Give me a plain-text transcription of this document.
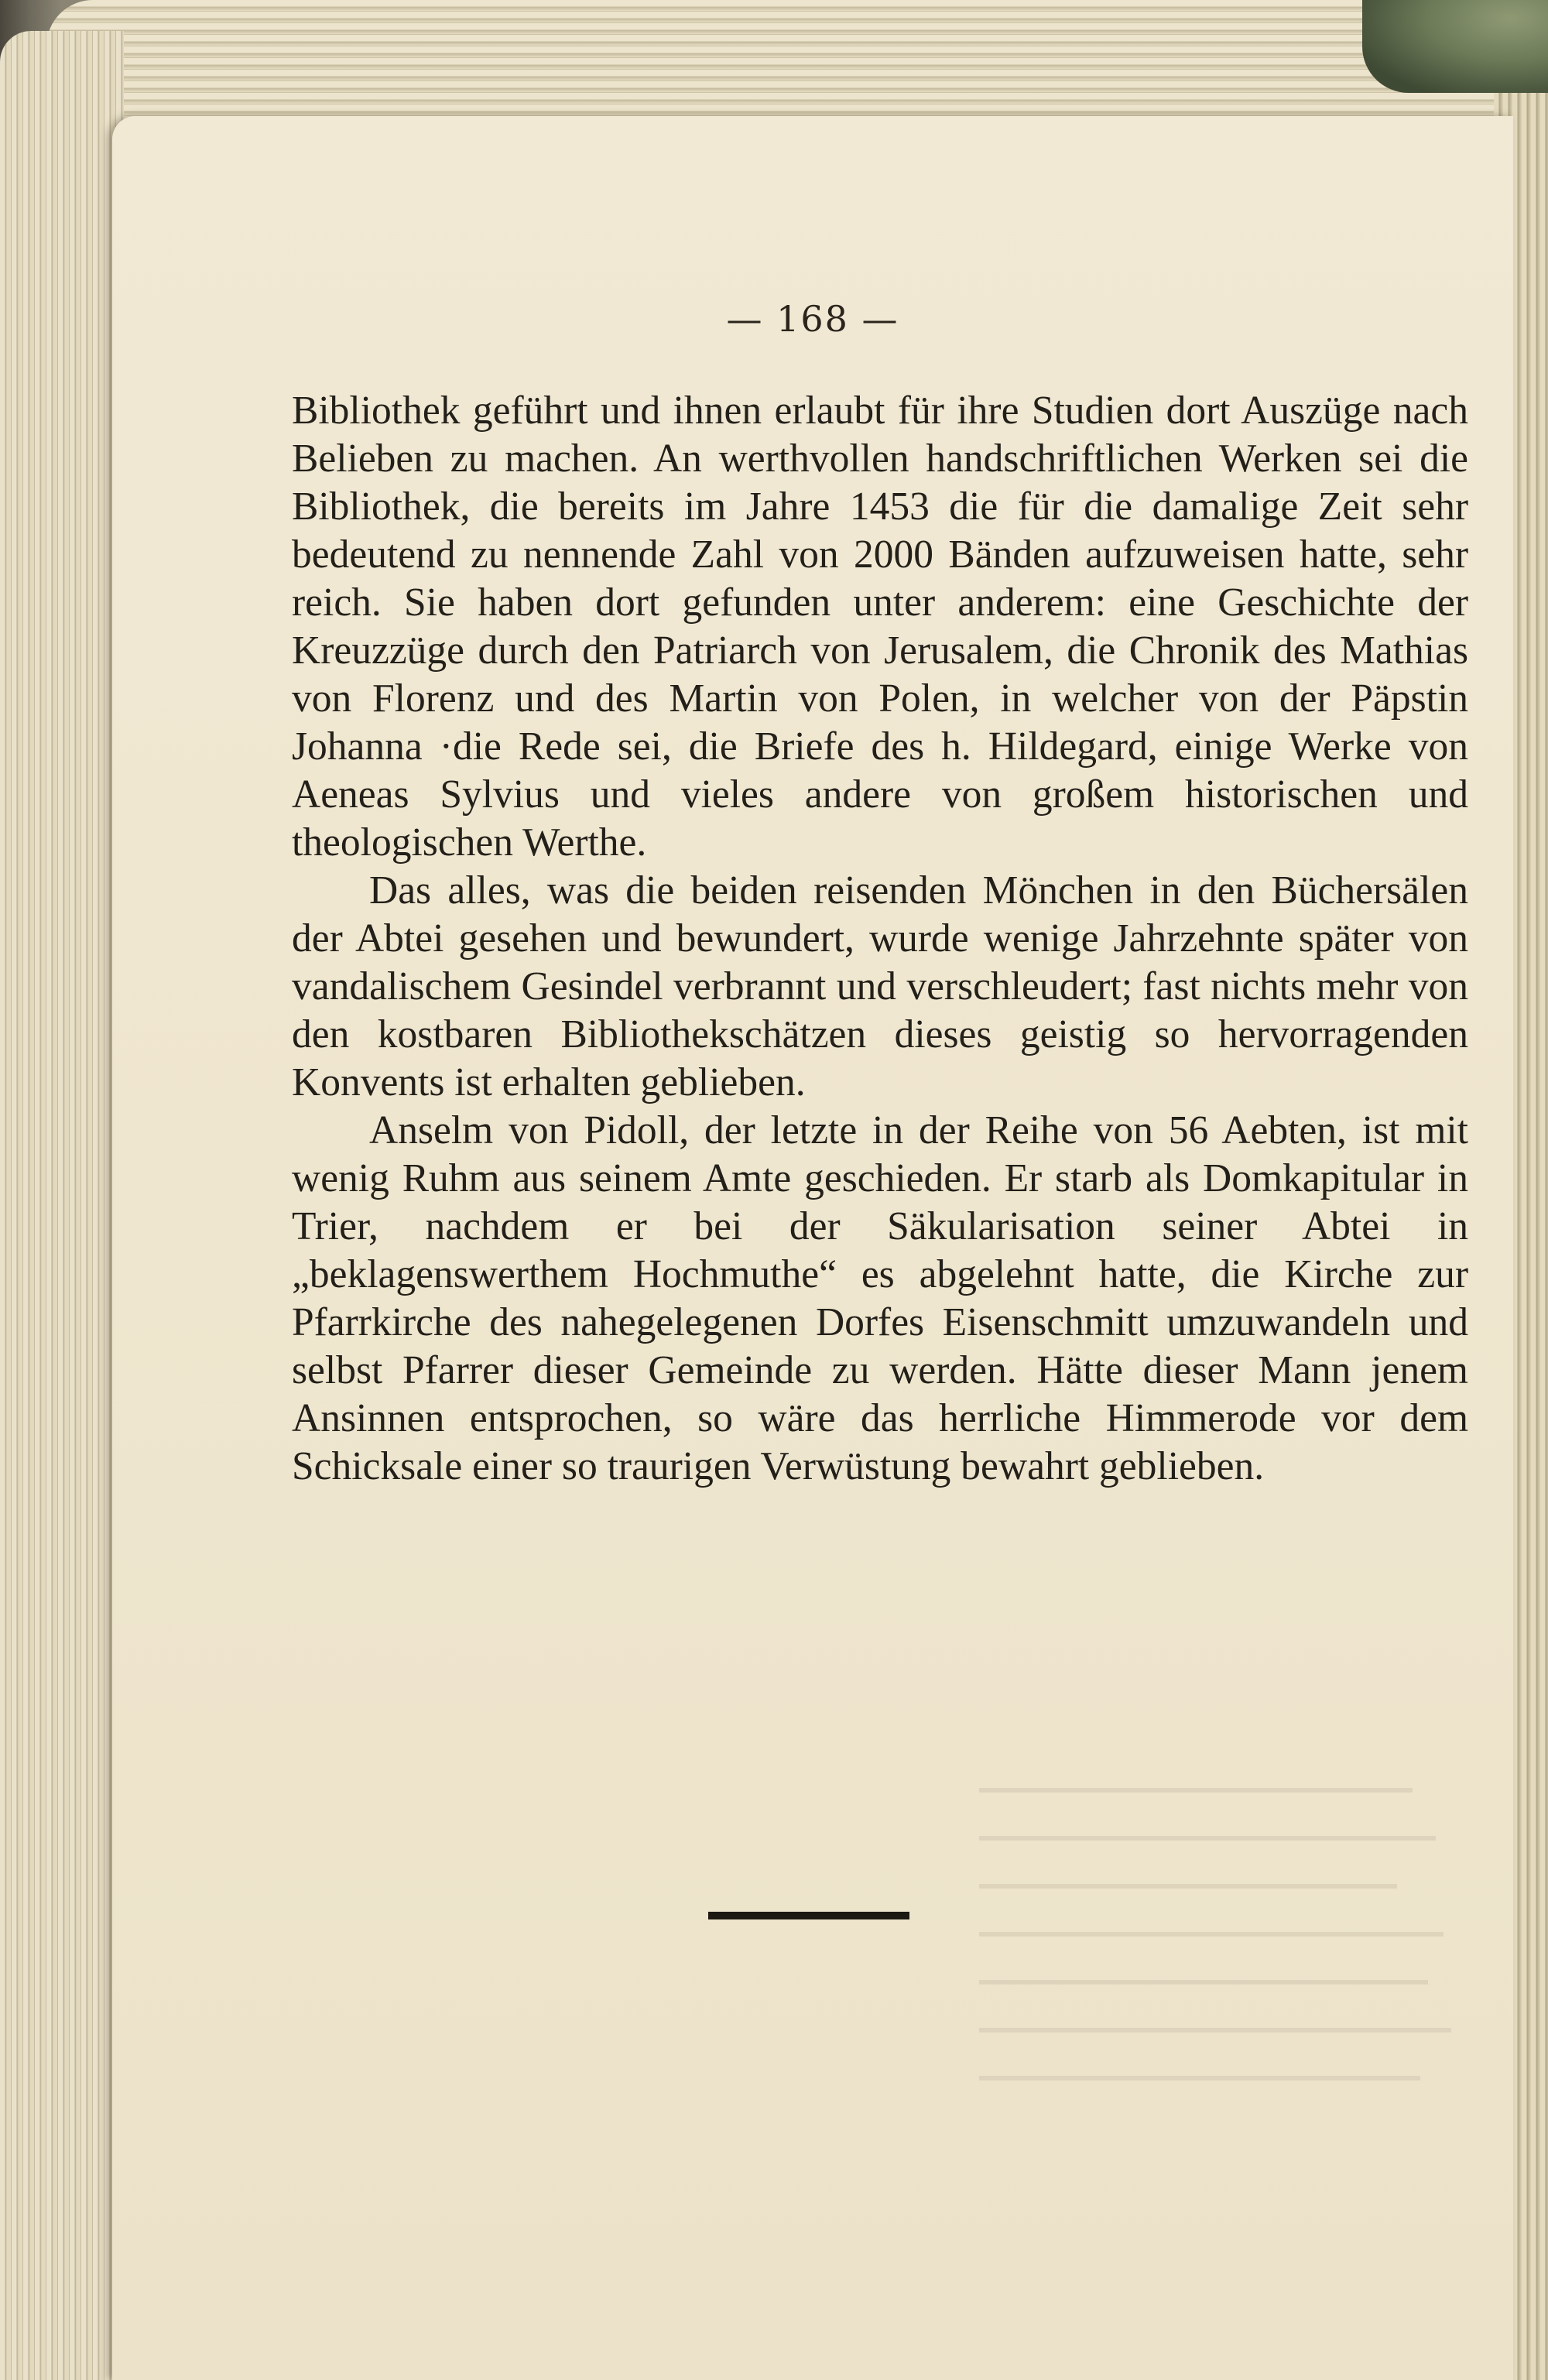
— 168 —

Bibliothek geführt und ihnen erlaubt für ihre Studien dort Auszüge nach Belieben zu machen. An werthvollen handschriftlichen Werken sei die Bibliothek, die bereits im Jahre 1453 die für die damalige Zeit sehr bedeutend zu nennende Zahl von 2000 Bänden aufzuweisen hatte, sehr reich. Sie haben dort gefunden unter anderem: eine Geschichte der Kreuzzüge durch den Patriarch von Jerusalem, die Chronik des Mathias von Florenz und des Martin von Polen, in welcher von der Päpstin Johanna ·die Rede sei, die Briefe des h. Hildegard, einige Werke von Aeneas Sylvius und vieles andere von großem historischen und theologischen Werthe.

Das alles, was die beiden reisenden Mönchen in den Büchersälen der Abtei gesehen und bewundert, wurde wenige Jahrzehnte später von vandalischem Gesindel verbrannt und verschleudert; fast nichts mehr von den kostbaren Bibliothekschätzen dieses geistig so hervorragenden Konvents ist erhalten geblieben.

Anselm von Pidoll, der letzte in der Reihe von 56 Aebten, ist mit wenig Ruhm aus seinem Amte geschieden. Er starb als Domkapitular in Trier, nachdem er bei der Säkularisation seiner Abtei in „beklagenswerthem Hochmuthe“ es abgelehnt hatte, die Kirche zur Pfarrkirche des nahegelegenen Dorfes Eisenschmitt umzuwandeln und selbst Pfarrer dieser Gemeinde zu werden. Hätte dieser Mann jenem Ansinnen entsprochen, so wäre das herrliche Himmerode vor dem Schicksale einer so traurigen Verwüstung bewahrt geblieben.
